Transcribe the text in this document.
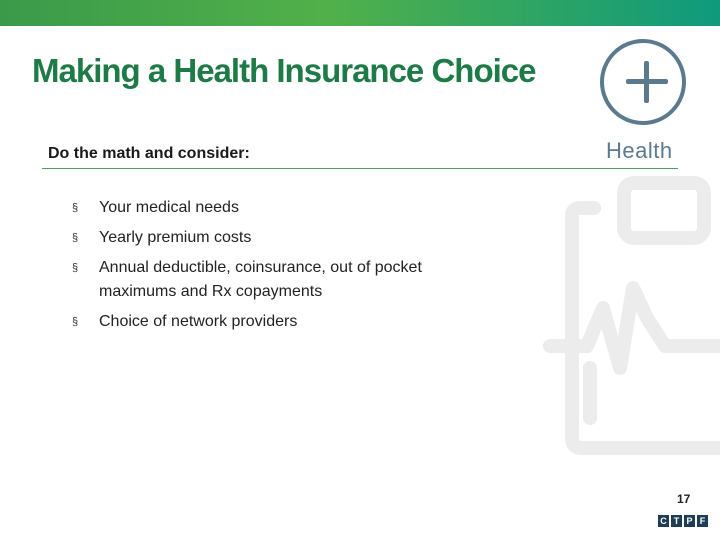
Making a Health Insurance Choice
Health
Do the math and consider:
§ Your medical needs
§ Yearly premium costs
§ Annual deductible, coinsurance, out of pocket maximums and Rx copayments
§ Choice of network providers
17
C T P F
